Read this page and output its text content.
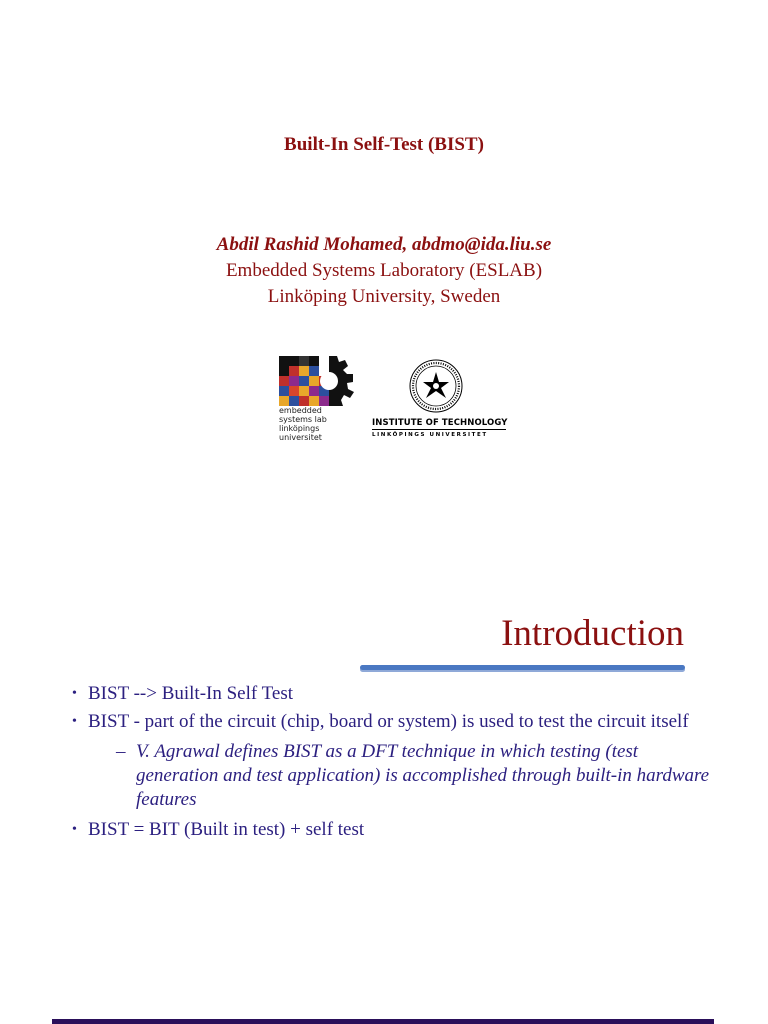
Built-In Self-Test (BIST)
Abdil Rashid Mohamed, abdmo@ida.liu.se
Embedded Systems Laboratory (ESLAB)
Linköping University, Sweden
embedded
systems lab
linköpings
universitet
INSTITUTE OF TECHNOLOGY
LINKÖPINGS UNIVERSITET
Introduction
• BIST --> Built-In Self Test
• BIST - part of the circuit (chip, board or system) is used to test the circuit itself
– V. Agrawal defines BIST as a DFT technique in which testing (test generation and test application) is accomplished through built-in hardware features
• BIST = BIT (Built in test) + self test
